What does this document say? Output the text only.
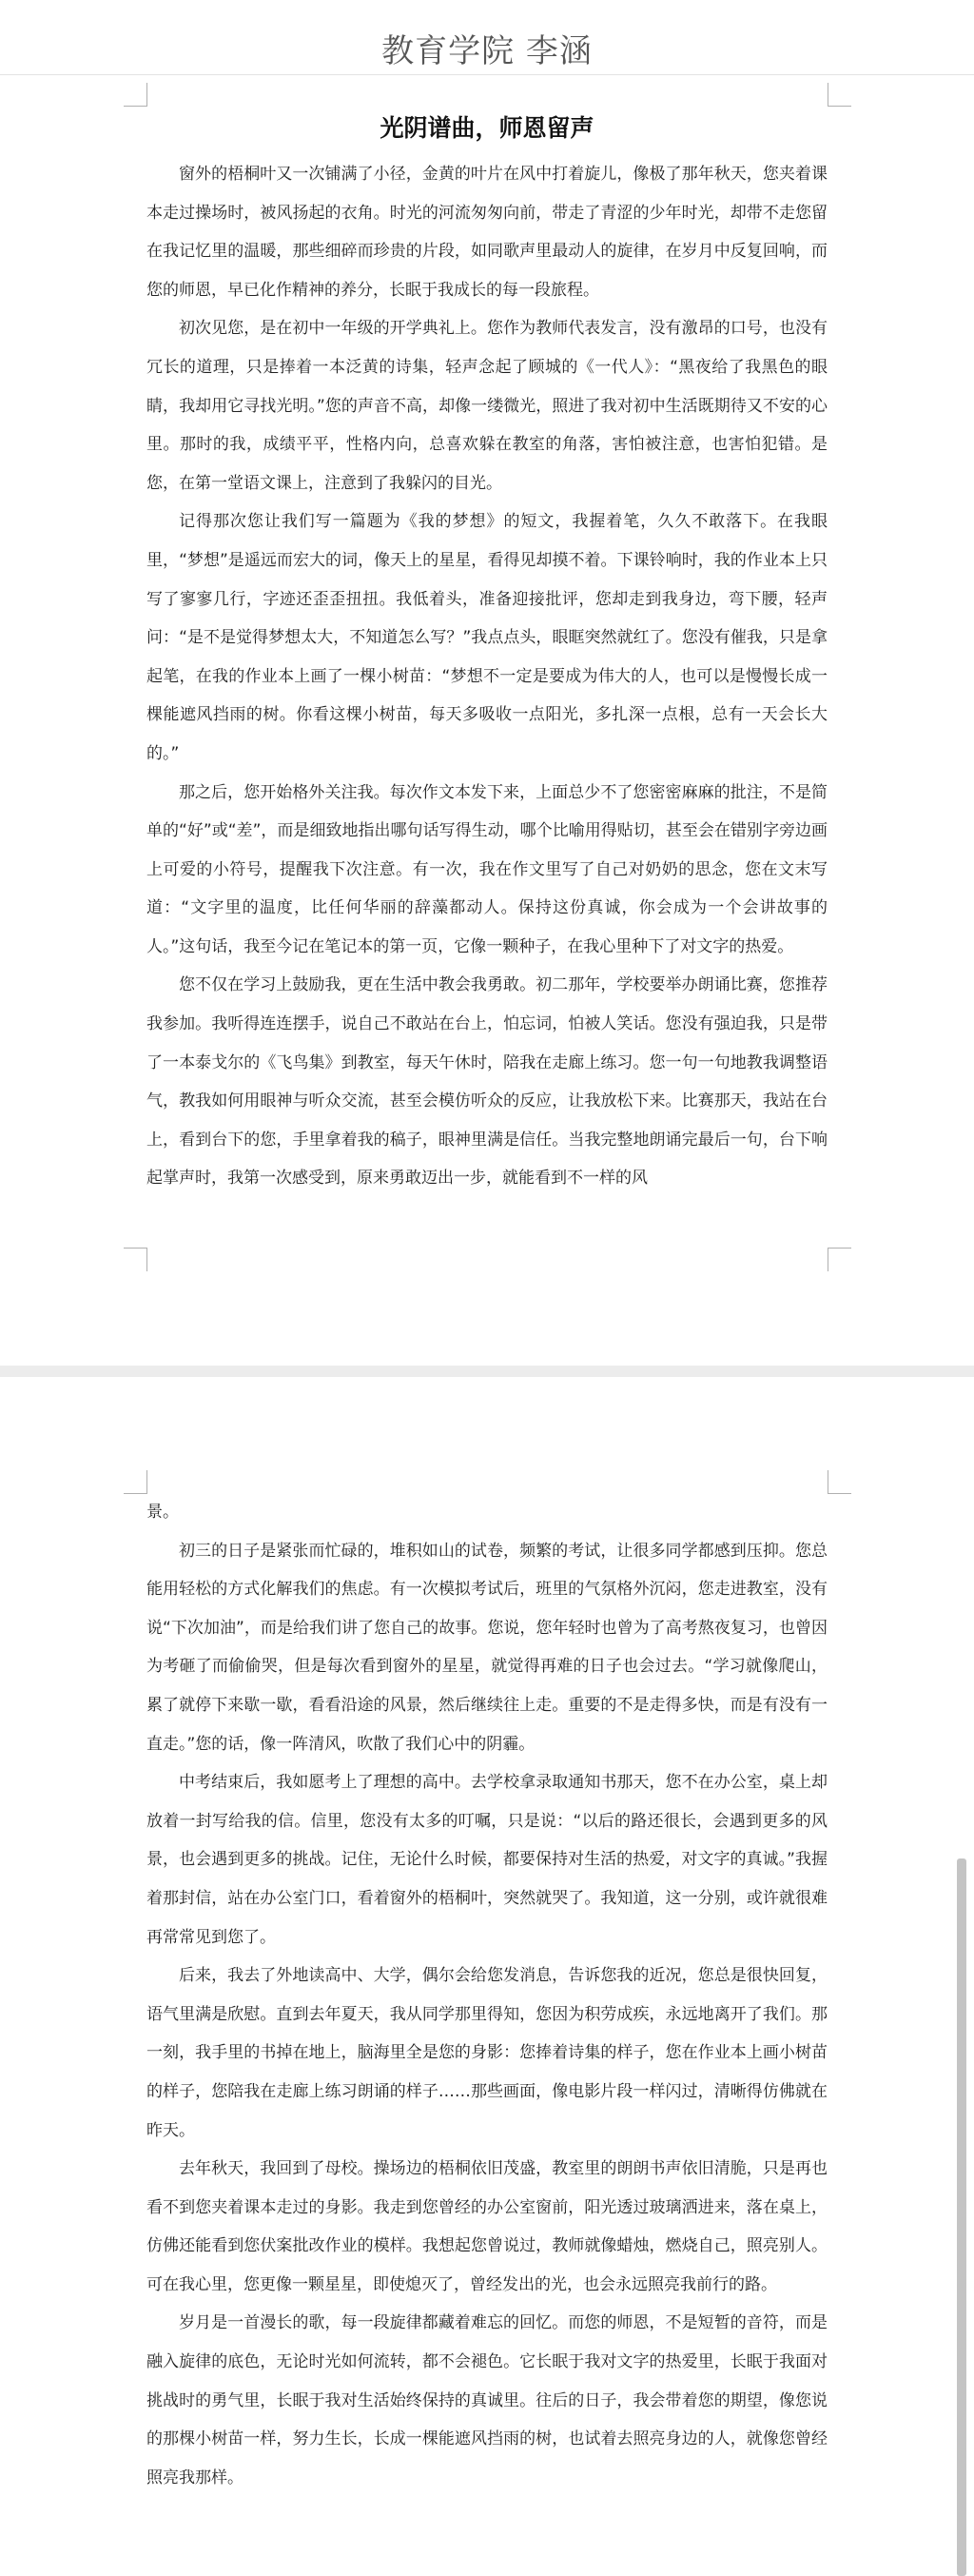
教育学院 李涵
光阴谱曲，师恩留声

窗外的梧桐叶又一次铺满了小径，金黄的叶片在风中打着旋儿，像极了那年秋天，您夹着课本走过操场时，被风扬起的衣角。时光的河流匆匆向前，带走了青涩的少年时光，却带不走您留在我记忆里的温暖，那些细碎而珍贵的片段，如同歌声里最动人的旋律，在岁月中反复回响，而您的师恩，早已化作精神的养分，长眠于我成长的每一段旅程。

初次见您，是在初中一年级的开学典礼上。您作为教师代表发言，没有激昂的口号，也没有冗长的道理，只是捧着一本泛黄的诗集，轻声念起了顾城的《一代人》：“黑夜给了我黑色的眼睛，我却用它寻找光明。”您的声音不高，却像一缕微光，照进了我对初中生活既期待又不安的心里。那时的我，成绩平平，性格内向，总喜欢躲在教室的角落，害怕被注意，也害怕犯错。是您，在第一堂语文课上，注意到了我躲闪的目光。

记得那次您让我们写一篇题为《我的梦想》的短文，我握着笔，久久不敢落下。在我眼里，“梦想”是遥远而宏大的词，像天上的星星，看得见却摸不着。下课铃响时，我的作业本上只写了寥寥几行，字迹还歪歪扭扭。我低着头，准备迎接批评，您却走到我身边，弯下腰，轻声问：“是不是觉得梦想太大，不知道怎么写？”我点点头，眼眶突然就红了。您没有催我，只是拿起笔，在我的作业本上画了一棵小树苗：“梦想不一定是要成为伟大的人，也可以是慢慢长成一棵能遮风挡雨的树。你看这棵小树苗，每天多吸收一点阳光，多扎深一点根，总有一天会长大的。”

那之后，您开始格外关注我。每次作文本发下来，上面总少不了您密密麻麻的批注，不是简单的“好”或“差”，而是细致地指出哪句话写得生动，哪个比喻用得贴切，甚至会在错别字旁边画上可爱的小符号，提醒我下次注意。有一次，我在作文里写了自己对奶奶的思念，您在文末写道：“文字里的温度，比任何华丽的辞藻都动人。保持这份真诚，你会成为一个会讲故事的人。”这句话，我至今记在笔记本的第一页，它像一颗种子，在我心里种下了对文字的热爱。

您不仅在学习上鼓励我，更在生活中教会我勇敢。初二那年，学校要举办朗诵比赛，您推荐我参加。我听得连连摆手，说自己不敢站在台上，怕忘词，怕被人笑话。您没有强迫我，只是带了一本泰戈尔的《飞鸟集》到教室，每天午休时，陪我在走廊上练习。您一句一句地教我调整语气，教我如何用眼神与听众交流，甚至会模仿听众的反应，让我放松下来。比赛那天，我站在台上，看到台下的您，手里拿着我的稿子，眼神里满是信任。当我完整地朗诵完最后一句，台下响起掌声时，我第一次感受到，原来勇敢迈出一步，就能看到不一样的风

景。

初三的日子是紧张而忙碌的，堆积如山的试卷，频繁的考试，让很多同学都感到压抑。您总能用轻松的方式化解我们的焦虑。有一次模拟考试后，班里的气氛格外沉闷，您走进教室，没有说“下次加油”，而是给我们讲了您自己的故事。您说，您年轻时也曾为了高考熬夜复习，也曾因为考砸了而偷偷哭，但是每次看到窗外的星星，就觉得再难的日子也会过去。“学习就像爬山，累了就停下来歇一歇，看看沿途的风景，然后继续往上走。重要的不是走得多快，而是有没有一直走。”您的话，像一阵清风，吹散了我们心中的阴霾。

中考结束后，我如愿考上了理想的高中。去学校拿录取通知书那天，您不在办公室，桌上却放着一封写给我的信。信里，您没有太多的叮嘱，只是说：“以后的路还很长，会遇到更多的风景，也会遇到更多的挑战。记住，无论什么时候，都要保持对生活的热爱，对文字的真诚。”我握着那封信，站在办公室门口，看着窗外的梧桐叶，突然就哭了。我知道，这一分别，或许就很难再常常见到您了。

后来，我去了外地读高中、大学，偶尔会给您发消息，告诉您我的近况，您总是很快回复，语气里满是欣慰。直到去年夏天，我从同学那里得知，您因为积劳成疾，永远地离开了我们。那一刻，我手里的书掉在地上，脑海里全是您的身影：您捧着诗集的样子，您在作业本上画小树苗的样子，您陪我在走廊上练习朗诵的样子……那些画面，像电影片段一样闪过，清晰得仿佛就在昨天。

去年秋天，我回到了母校。操场边的梧桐依旧茂盛，教室里的朗朗书声依旧清脆，只是再也看不到您夹着课本走过的身影。我走到您曾经的办公室窗前，阳光透过玻璃洒进来，落在桌上，仿佛还能看到您伏案批改作业的模样。我想起您曾说过，教师就像蜡烛，燃烧自己，照亮别人。可在我心里，您更像一颗星星，即使熄灭了，曾经发出的光，也会永远照亮我前行的路。

岁月是一首漫长的歌，每一段旋律都藏着难忘的回忆。而您的师恩，不是短暂的音符，而是融入旋律的底色，无论时光如何流转，都不会褪色。它长眠于我对文字的热爱里，长眠于我面对挑战时的勇气里，长眠于我对生活始终保持的真诚里。往后的日子，我会带着您的期望，像您说的那棵小树苗一样，努力生长，长成一棵能遮风挡雨的树，也试着去照亮身边的人，就像您曾经照亮我那样。
